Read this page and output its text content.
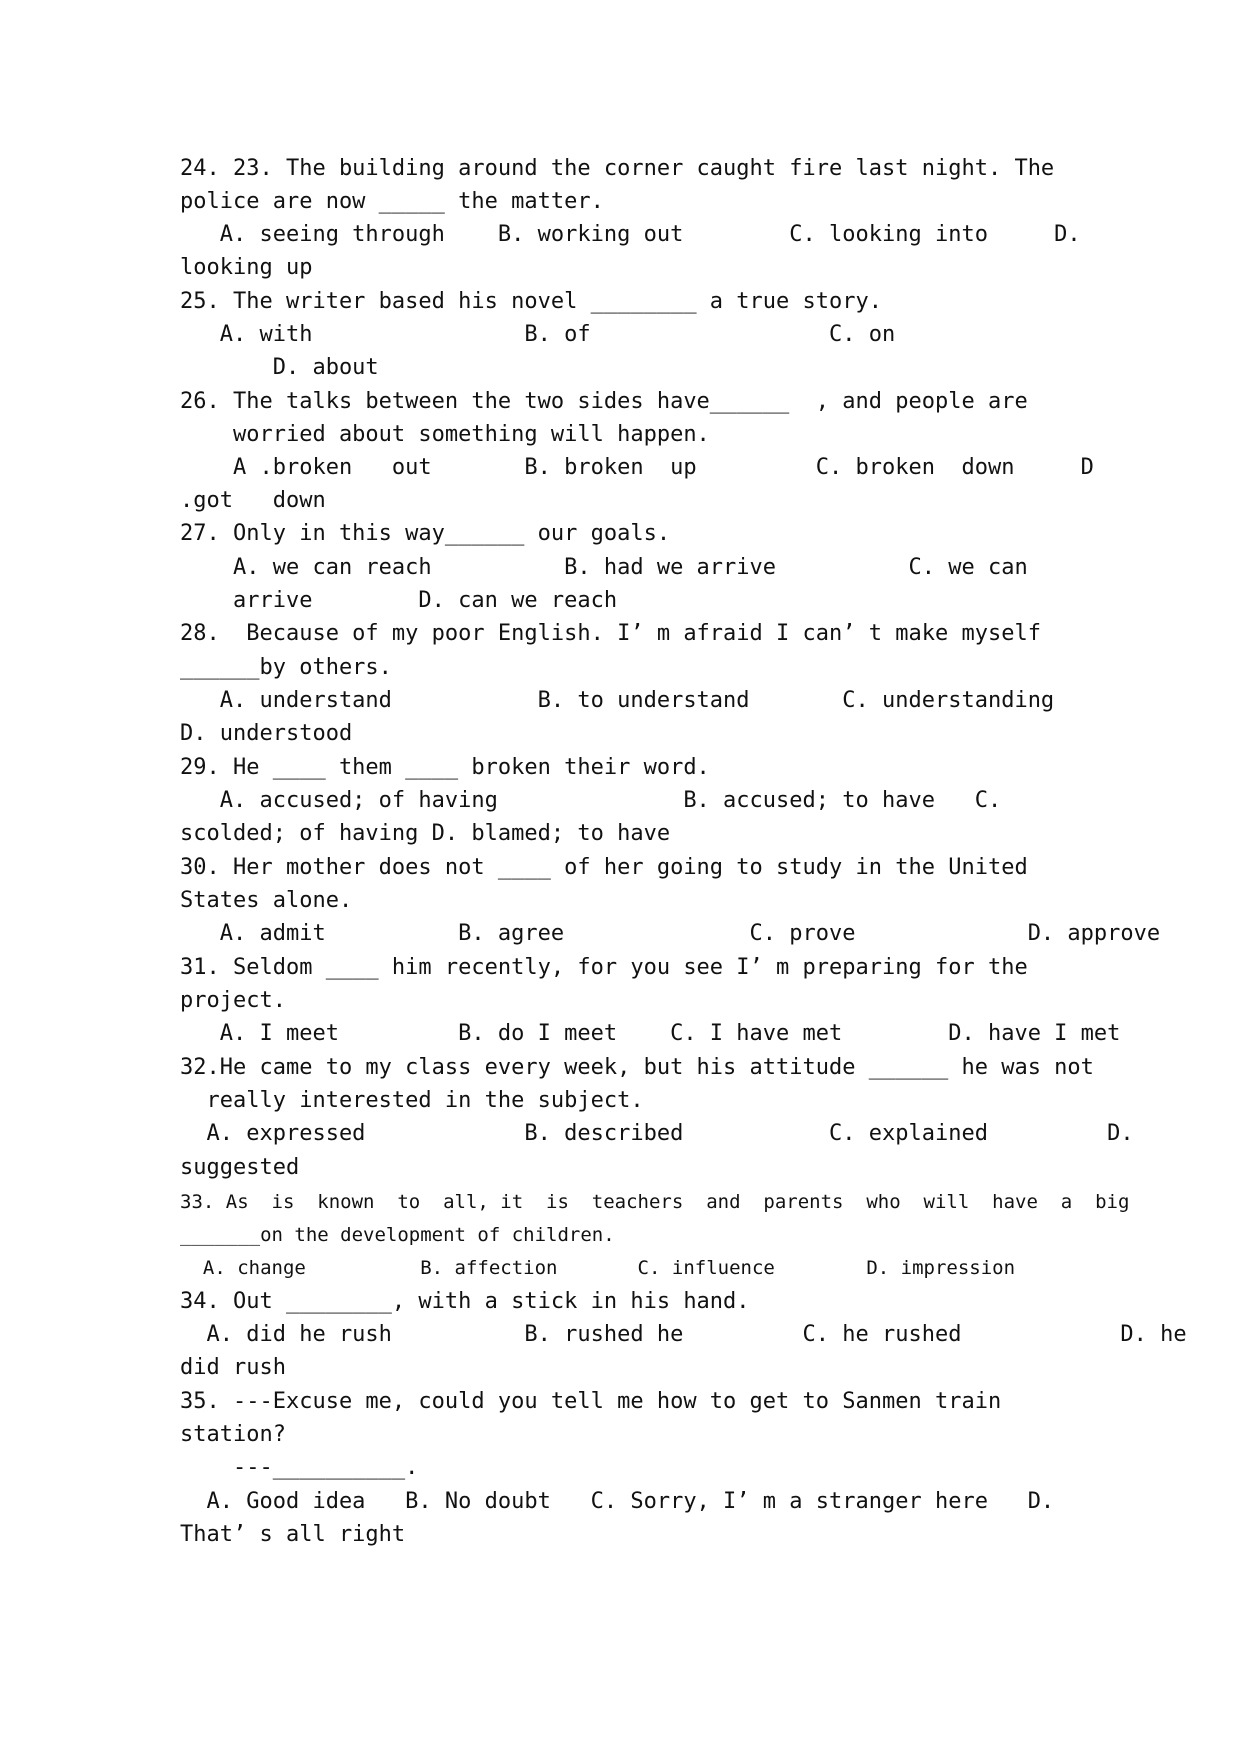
24. 23. The building around the corner caught fire last night. The
police are now _____ the matter.
A. seeing through    B. working out        C. looking into     D.
looking up
25. The writer based his novel ________ a true story.
A. with                B. of                  C. on
D. about
26. The talks between the two sides have______  , and people are
worried about something will happen.
A .broken   out       B. broken  up         C. broken  down     D
.got   down
27. Only in this way______ our goals.
A. we can reach          B. had we arrive          C. we can
arrive        D. can we reach
28.  Because of my poor English. I’ m afraid I can’ t make myself
______by others.
A. understand           B. to understand       C. understanding
D. understood
29. He ____ them ____ broken their word.
A. accused; of having              B. accused; to have   C.
scolded; of having D. blamed; to have
30. Her mother does not ____ of her going to study in the United
States alone.
A. admit          B. agree              C. prove             D. approve
31. Seldom ____ him recently, for you see I’ m preparing for the
project.
A. I meet         B. do I meet    C. I have met        D. have I met
32.He came to my class every week, but his attitude ______ he was not
really interested in the subject.
A. expressed            B. described           C. explained         D.
suggested
33. As  is  known  to  all, it  is  teachers  and  parents  who  will  have  a  big
_______on the development of children.
A. change          B. affection       C. influence        D. impression
34. Out ________, with a stick in his hand.
A. did he rush          B. rushed he         C. he rushed            D. he
did rush
35. ---Excuse me, could you tell me how to get to Sanmen train
station?
---__________.
A. Good idea   B. No doubt   C. Sorry, I’ m a stranger here   D.
That’ s all right
